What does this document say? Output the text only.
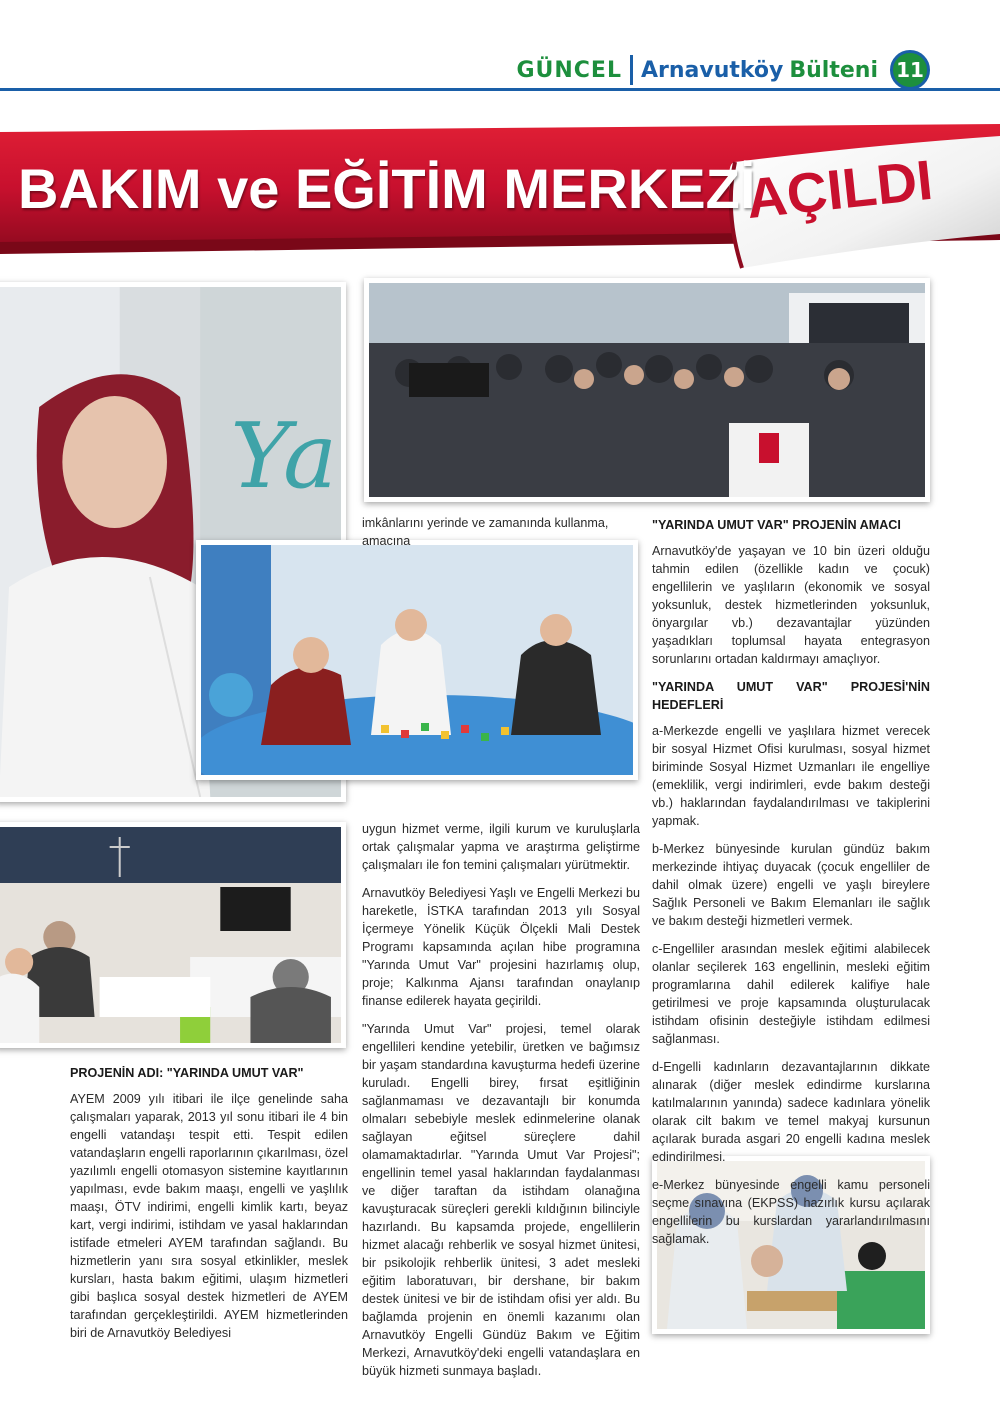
GÜNCEL Arnavutköy Bülteni 11
BAKIM ve EĞİTİM MERKEZİ
AÇILDI
Ya
PROJENİN ADI: "YARINDA UMUT VAR"

AYEM 2009 yılı itibari ile ilçe genelinde saha çalışmaları yaparak, 2013 yıl sonu itibari ile 4 bin engelli vatandaşı tespit etti. Tespit edilen vatandaşların engelli raporlarının çıkarılması, özel yazılımlı engelli otomasyon sistemine kayıtlarının yapılması, evde bakım maaşı, engelli ve yaşlılık maaşı, ÖTV indirimi, engelli kimlik kartı, beyaz kart, vergi indirimi, istihdam ve yasal haklarından istifade etmeleri AYEM tarafından sağlandı. Bu hizmetlerin yanı sıra sosyal etkinlikler, meslek kursları, hasta bakım eğitimi, ulaşım hizmetleri gibi başlıca sosyal destek hizmetleri de AYEM tarafından gerçekleştirildi. AYEM hizmetlerinden biri de Arnavutköy Belediyesi

imkânlarını yerinde ve zamanında kullanma, amacına

uygun hizmet verme, ilgili kurum ve kuruluşlarla ortak çalışmalar yapma ve araştırma geliştirme çalışmaları ile fon temini çalışmaları yürütmektir.

Arnavutköy Belediyesi Yaşlı ve Engelli Merkezi bu hareketle, İSTKA tarafından 2013 yılı Sosyal İçermeye Yönelik Küçük Ölçekli Mali Destek Programı kapsamında açılan hibe programına "Yarında Umut Var" projesini hazırlamış olup, proje; Kalkınma Ajansı tarafından onaylanıp finanse edilerek hayata geçirildi.

"Yarında Umut Var" projesi, temel olarak engellileri kendine yetebilir, üretken ve bağımsız bir yaşam standardına kavuşturma hedefi üzerine kuruladı. Engelli birey, fırsat eşitliğinin sağlanmaması ve dezavantajlı bir konumda olmaları sebebiyle meslek edinmelerine olanak sağlayan eğitsel süreçlere dahil olamamaktadırlar. "Yarında Umut Var Projesi"; engellinin temel yasal haklarından faydalanması ve diğer taraftan da istihdam olanağına kavuşturacak süreçleri gerekli kıldığının bilinciyle hazırlandı. Bu kapsamda projede, engellilerin hizmet alacağı rehberlik ve sosyal hizmet ünitesi, bir psikolojik rehberlik ünitesi, 3 adet mesleki eğitim laboratuvarı, bir dershane, bir bakım destek ünitesi ve bir de istihdam ofisi yer aldı. Bu bağlamda projenin en önemli kazanımı olan Arnavutköy Engelli Gündüz Bakım ve Eğitim Merkezi, Arnavutköy'deki engelli vatandaşlara en büyük hizmeti sunmaya başladı.

"YARINDA UMUT VAR" PROJENİN AMACI

Arnavutköy'de yaşayan ve 10 bin üzeri olduğu tahmin edilen (özellikle kadın ve çocuk) engellilerin ve yaşlıların (ekonomik ve sosyal yoksunluk, destek hizmetlerinden yoksunluk, önyargılar vb.) dezavantajlar yüzünden yaşadıkları toplumsal hayata entegrasyon sorunlarını ortadan kaldırmayı amaçlıyor.

"YARINDA UMUT VAR" PROJESİ'NİN HEDEFLERİ

a-Merkezde engelli ve yaşlılara hizmet verecek bir sosyal Hizmet Ofisi kurulması, sosyal hizmet biriminde Sosyal Hizmet Uzmanları ile engelliye (emeklilik, vergi indirimleri, evde bakım desteği vb.) haklarından faydalandırılması ve takiplerini yapmak.

b-Merkez bünyesinde kurulan gündüz bakım merkezinde ihtiyaç duyacak (çocuk engelliler de dahil olmak üzere) engelli ve yaşlı bireylere Sağlık Personeli ve Bakım Elemanları ile sağlık ve bakım desteği hizmetleri vermek.

c-Engelliler arasından meslek eğitimi alabilecek olanlar seçilerek 163 engellinin, mesleki eğitim programlarına dahil edilerek kalifiye hale getirilmesi ve proje kapsamında oluşturulacak istihdam ofisinin desteğiyle istihdam edilmesi sağlanması.

d-Engelli kadınların dezavantajlarının dikkate alınarak (diğer meslek edindirme kurslarına katılmalarının yanında) sadece kadınlara yönelik olarak cilt bakım ve temel makyaj kursunun açılarak burada asgari 20 engelli kadına meslek edindirilmesi.

e-Merkez bünyesinde engelli kamu personeli seçme sınavına (EKPSS) hazırlık kursu açılarak engellilerin bu kurslardan yararlandırılmasını sağlamak.
